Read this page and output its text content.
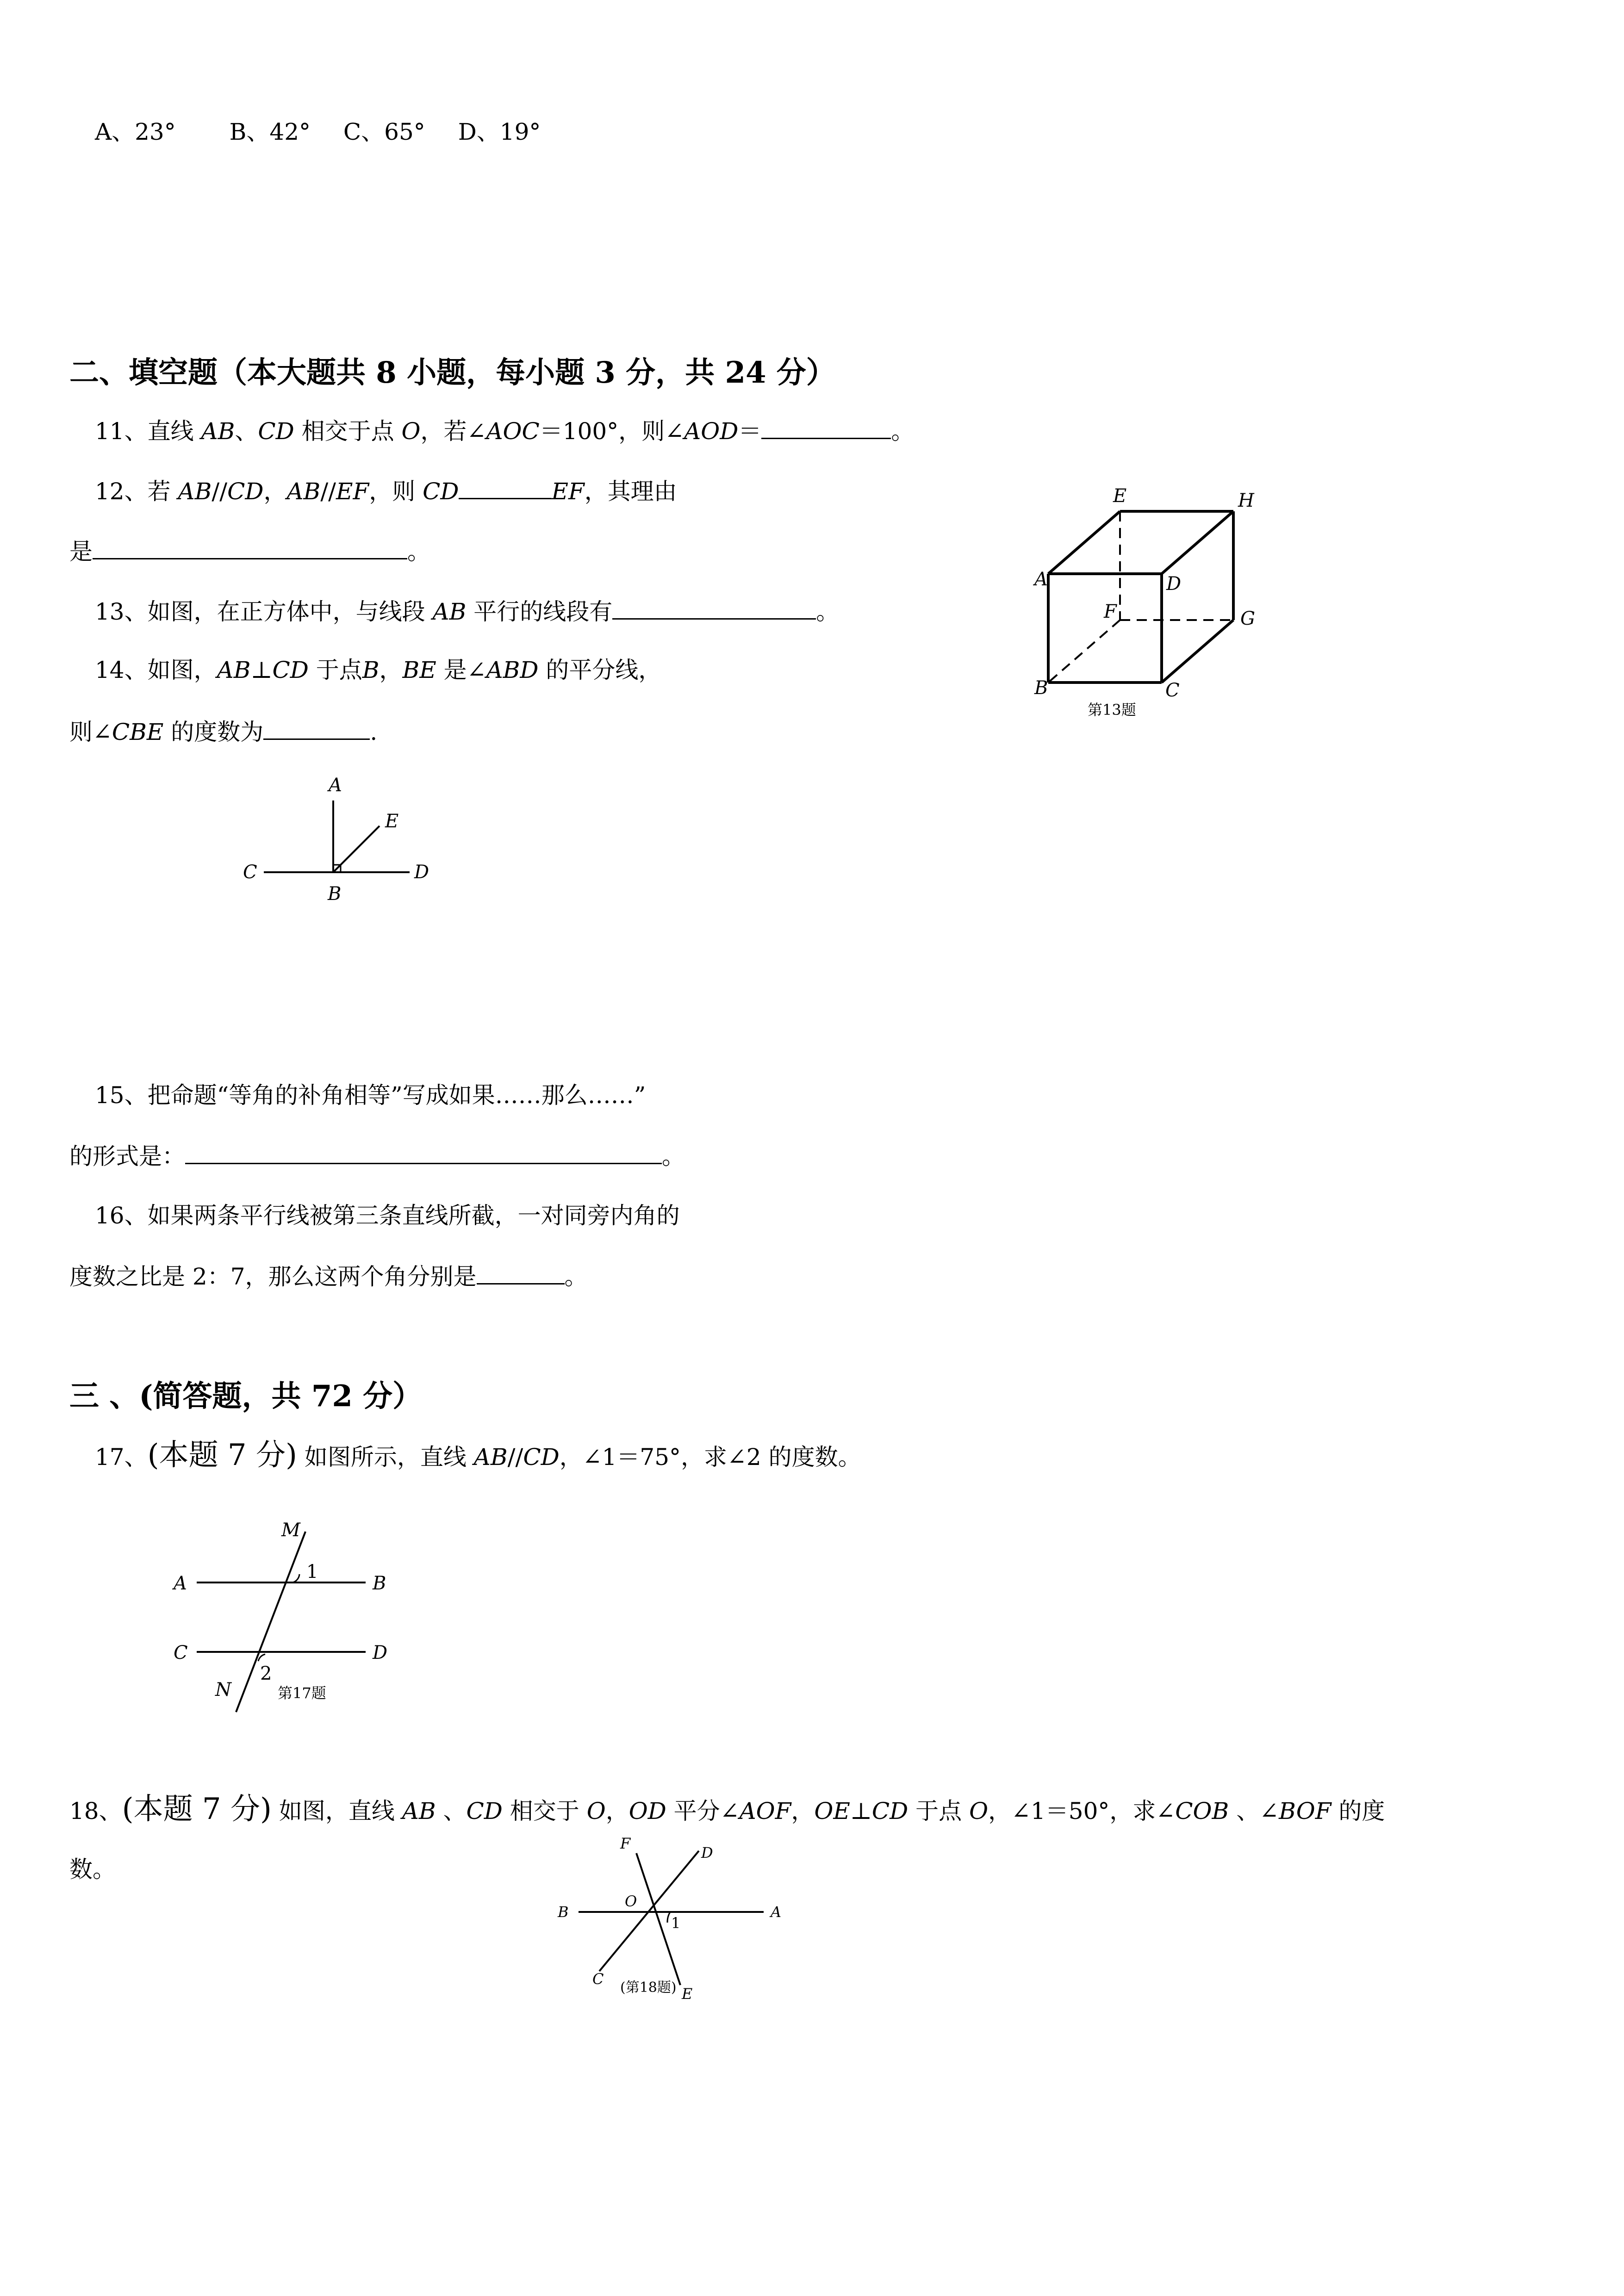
A、23° B、42° C、65° D、19°
二、填空题（本大题共 8 小题，每小题 3 分，共 24 分）
11、直线 AB、CD 相交于点 O，若∠AOC＝100°，则∠AOD＝	。
12、若 AB//CD，AB//EF，则 CD	EF，其理由
是	。
13、如图，在正方体中，与线段 AB 平行的线段有	。
14、如图，AB⊥CD 于点B，BE 是∠ABD 的平分线，
则∠CBE 的度数为	.
E	H
A	D
F	G
B	C
第13题
A
E
C
B
D
15、把命题“等角的补角相等”写成如果……那么……”
的形式是：	。
16、如果两条平行线被第三条直线所截，一对同旁内角的
度数之比是 2：7，那么这两个角分别是	。
三 、(简答题，共 72 分）
17、(本题 7 分) 如图所示，直线 AB//CD，∠1＝75°，求∠2 的度数。
M
1
A	B
C	D
N
2
第17题
18、(本题 7 分) 如图，直线 AB 、CD 相交于 O，OD 平分∠AOF，OE⊥CD 于点 O，∠1＝50°，求∠COB 、∠BOF 的度
数。
F
D
B
O
A
C
E
1
(第18题)
